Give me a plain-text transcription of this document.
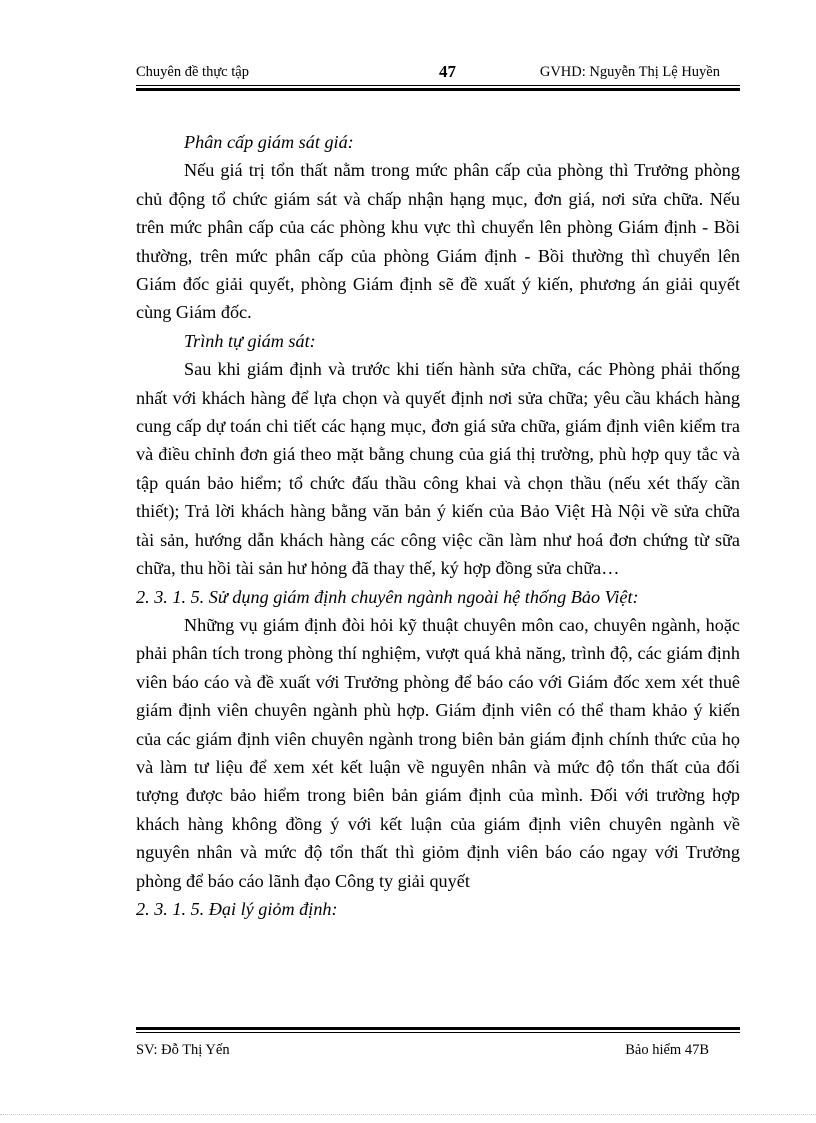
Chuyên đề thực tập	47	GVHD: Nguyễn Thị Lệ Huyền

Phân cấp giám sát giá:

Nếu giá trị tổn thất nằm trong mức phân cấp của phòng thì Trưởng phòng chủ động tổ chức giám sát và chấp nhận hạng mục, đơn giá, nơi sửa chữa. Nếu trên mức phân cấp của các phòng khu vực thì chuyển lên phòng Giám định - Bồi thường, trên mức phân cấp của phòng Giám định - Bồi thường thì chuyển lên Giám đốc giải quyết, phòng Giám định sẽ đề xuất ý kiến, phương án giải quyết cùng Giám đốc.

Trình tự giám sát:

Sau khi giám định và trước khi tiến hành sửa chữa, các Phòng phải thống nhất với khách hàng để lựa chọn và quyết định nơi sửa chữa; yêu cầu khách hàng cung cấp dự toán chi tiết các hạng mục, đơn giá sửa chữa, giám định viên kiểm tra và điều chỉnh đơn giá theo mặt bằng chung của giá thị trường, phù hợp quy tắc và tập quán bảo hiểm; tổ chức đấu thầu công khai và chọn thầu (nếu xét thấy cần thiết); Trả lời khách hàng bằng văn bản ý kiến của Bảo Việt Hà Nội về sửa chữa tài sản, hướng dẫn khách hàng các công việc cần làm như hoá đơn chứng từ sữa chữa, thu hồi tài sản hư hỏng đã thay thế, ký hợp đồng sửa chữa…

2. 3. 1. 5. Sử dụng giám định chuyên ngành ngoài hệ thống Bảo Việt:

Những vụ giám định đòi hỏi kỹ thuật chuyên môn cao, chuyên ngành, hoặc phải phân tích trong phòng thí nghiệm, vượt quá khả năng, trình độ, các giám định viên báo cáo và đề xuất với Trưởng phòng để báo cáo với Giám đốc xem xét thuê giám định viên chuyên ngành phù hợp. Giám định viên có thể tham khảo ý kiến của các giám định viên chuyên ngành trong biên bản giám định chính thức của họ và làm tư liệu để xem xét kết luận về nguyên nhân và mức độ tổn thất của đối tượng được bảo hiểm trong biên bản giám định của mình. Đối với trường hợp khách hàng không đồng ý với kết luận của giám định viên chuyên ngành về nguyên nhân và mức độ tổn thất thì giỏm định viên báo cáo ngay với Trưởng phòng để báo cáo lãnh đạo Công ty giải quyết

2. 3. 1. 5. Đại lý giỏm định:

SV: Đỗ Thị Yến	Bảo hiểm 47B
